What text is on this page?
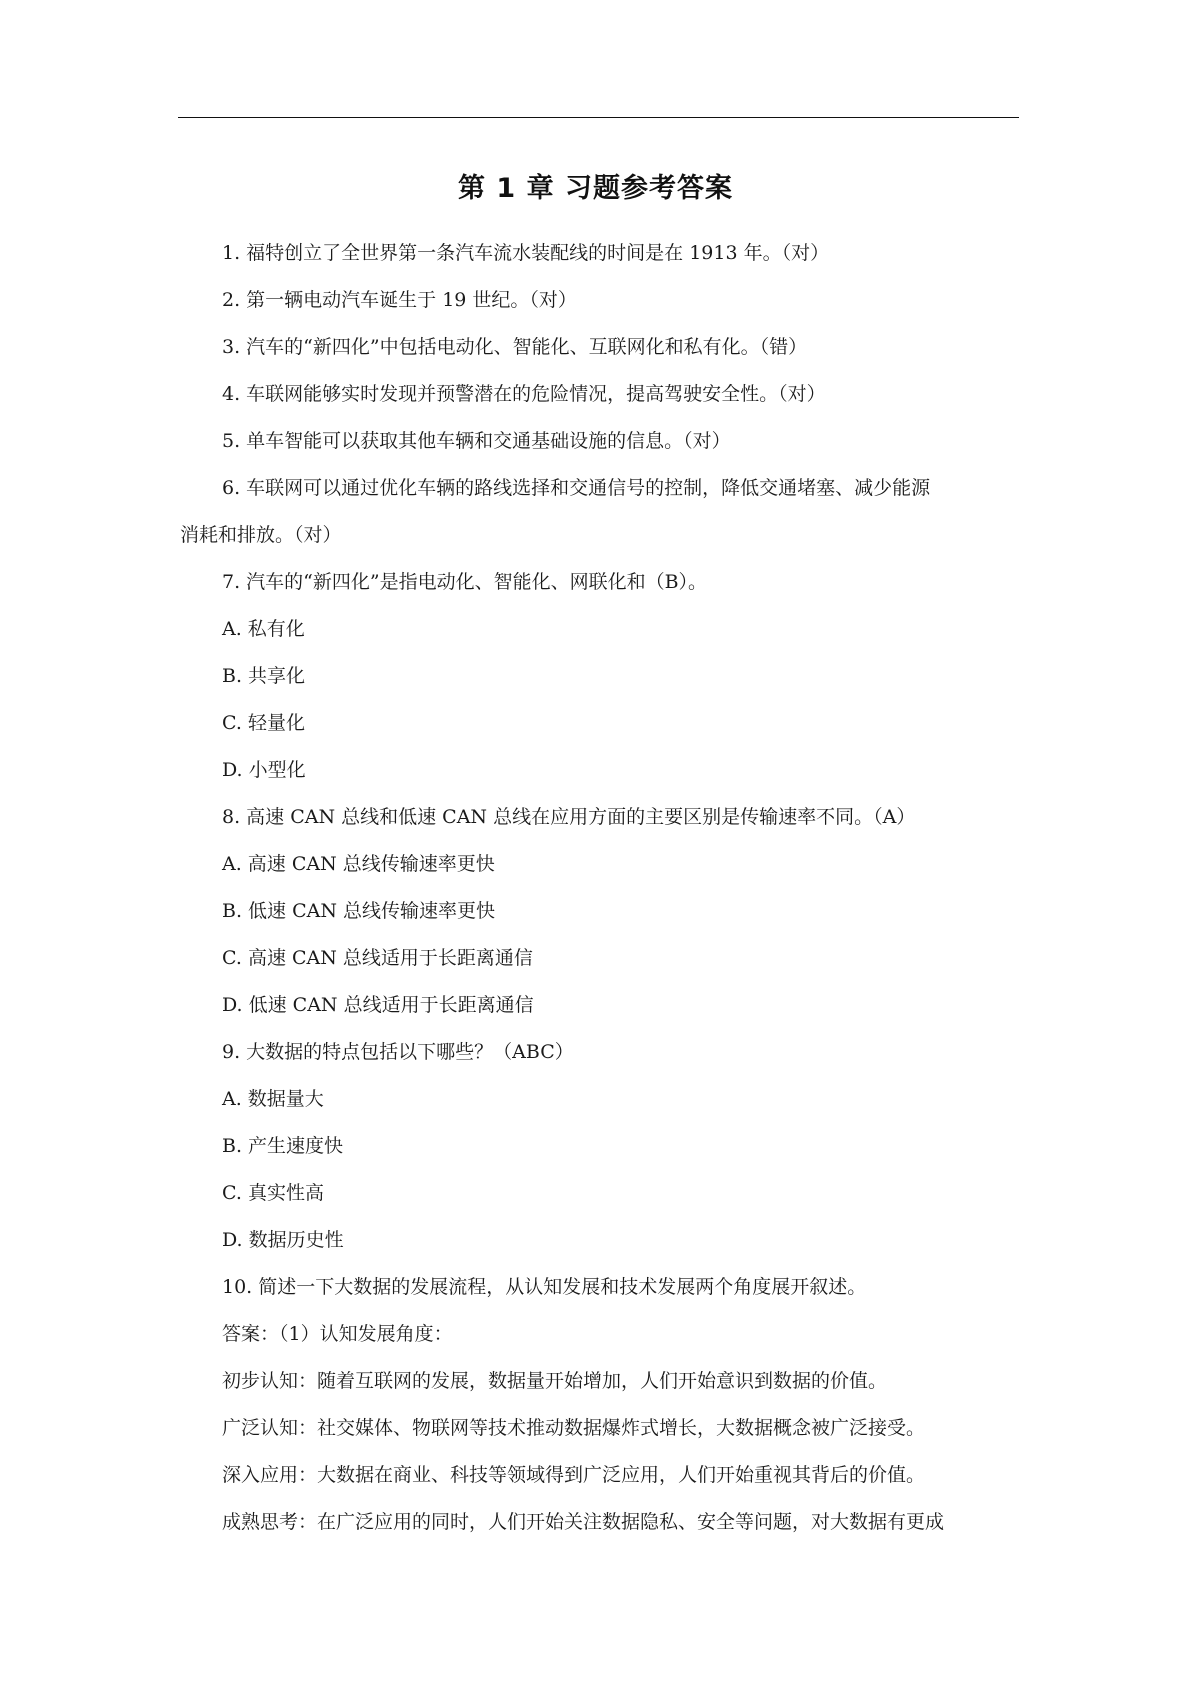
第 1 章 习题参考答案
1. 福特创立了全世界第一条汽车流水装配线的时间是在 1913 年。（对）
2. 第一辆电动汽车诞生于 19 世纪。（对）
3. 汽车的“新四化”中包括电动化、智能化、互联网化和私有化。（错）
4. 车联网能够实时发现并预警潜在的危险情况，提高驾驶安全性。（对）
5. 单车智能可以获取其他车辆和交通基础设施的信息。（对）
6. 车联网可以通过优化车辆的路线选择和交通信号的控制，降低交通堵塞、减少能源
消耗和排放。（对）
7. 汽车的“新四化”是指电动化、智能化、网联化和（B）。
A. 私有化
B. 共享化
C. 轻量化
D. 小型化
8. 高速 CAN 总线和低速 CAN 总线在应用方面的主要区别是传输速率不同。（A）
A. 高速 CAN 总线传输速率更快
B. 低速 CAN 总线传输速率更快
C. 高速 CAN 总线适用于长距离通信
D. 低速 CAN 总线适用于长距离通信
9. 大数据的特点包括以下哪些？（ABC）
A. 数据量大
B. 产生速度快
C. 真实性高
D. 数据历史性
10. 简述一下大数据的发展流程，从认知发展和技术发展两个角度展开叙述。
答案：（1）认知发展角度：
初步认知：随着互联网的发展，数据量开始增加，人们开始意识到数据的价值。
广泛认知：社交媒体、物联网等技术推动数据爆炸式增长，大数据概念被广泛接受。
深入应用：大数据在商业、科技等领域得到广泛应用，人们开始重视其背后的价值。
成熟思考：在广泛应用的同时，人们开始关注数据隐私、安全等问题，对大数据有更成
